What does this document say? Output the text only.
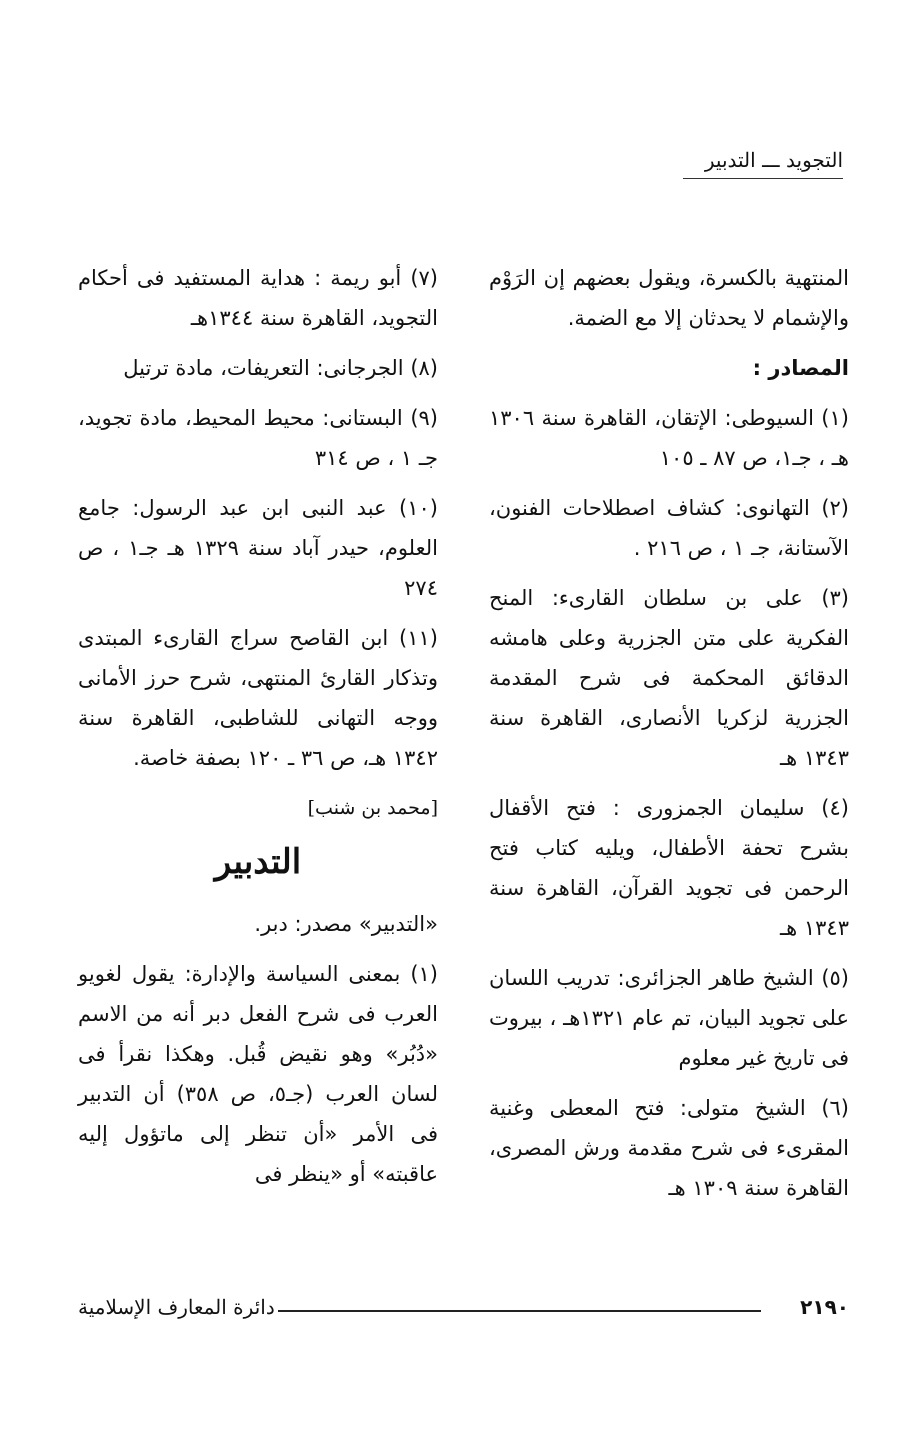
التجويد ـــ التدبير
المنتهية بالكسرة، ويقول بعضهم إن الرَوْم والإشمام لا يحدثان إلا مع الضمة.
المصادر :
(١) السيوطى: الإتقان، القاهرة سنة ١٣٠٦ هـ ، جـ١، ص ٨٧ ـ ١٠٥
(٢) التهانوى: كشاف اصطلاحات الفنون، الآستانة، جـ ١ ، ص ٢١٦ .
(٣) على بن سلطان القارىء: المنح الفكرية على متن الجزرية وعلى هامشه الدقائق المحكمة فى شرح المقدمة الجزرية لزكريا الأنصارى، القاهرة سنة ١٣٤٣ هـ
(٤) سليمان الجمزورى : فتح الأقفال بشرح تحفة الأطفال، ويليه كتاب فتح الرحمن فى تجويد القرآن، القاهرة سنة ١٣٤٣ هـ
(٥) الشيخ طاهر الجزائرى: تدريب اللسان على تجويد البيان، تم عام ١٣٢١هـ ، بيروت فى تاريخ غير معلوم
(٦) الشيخ متولى: فتح المعطى وغنية المقرىء فى شرح مقدمة ورش المصرى، القاهرة سنة ١٣٠٩ هـ
(٧) أبو ريمة : هداية المستفيد فى أحكام التجويد، القاهرة سنة ١٣٤٤هـ
(٨) الجرجانى: التعريفات، مادة ترتيل
(٩) البستانى: محيط المحيط، مادة تجويد، جـ ١ ، ص ٣١٤
(١٠) عبد النبى ابن عبد الرسول: جامع العلوم، حيدر آباد سنة ١٣٢٩ هـ جـ١ ، ص ٢٧٤
(١١) ابن القاصح سراج القارىء المبتدى وتذكار القارئ المنتهى، شرح حرز الأمانى ووجه التهانى للشاطبى، القاهرة سنة ١٣٤٢ هـ، ص ٣٦ ـ ١٢٠ بصفة خاصة.
[محمد بن شنب]
التدبير
«التدبير» مصدر: دبر.
(١) بمعنى السياسة والإدارة: يقول لغويو العرب فى شرح الفعل دبر أنه من الاسم «دُبُر» وهو نقيض قُبل. وهكذا نقرأ فى لسان العرب (جـ٥، ص ٣٥٨) أن التدبير فى الأمر «أن تنظر إلى ماتؤول إليه عاقبته» أو «ينظر فى
٢١٩٠
دائرة المعارف الإسلامية
